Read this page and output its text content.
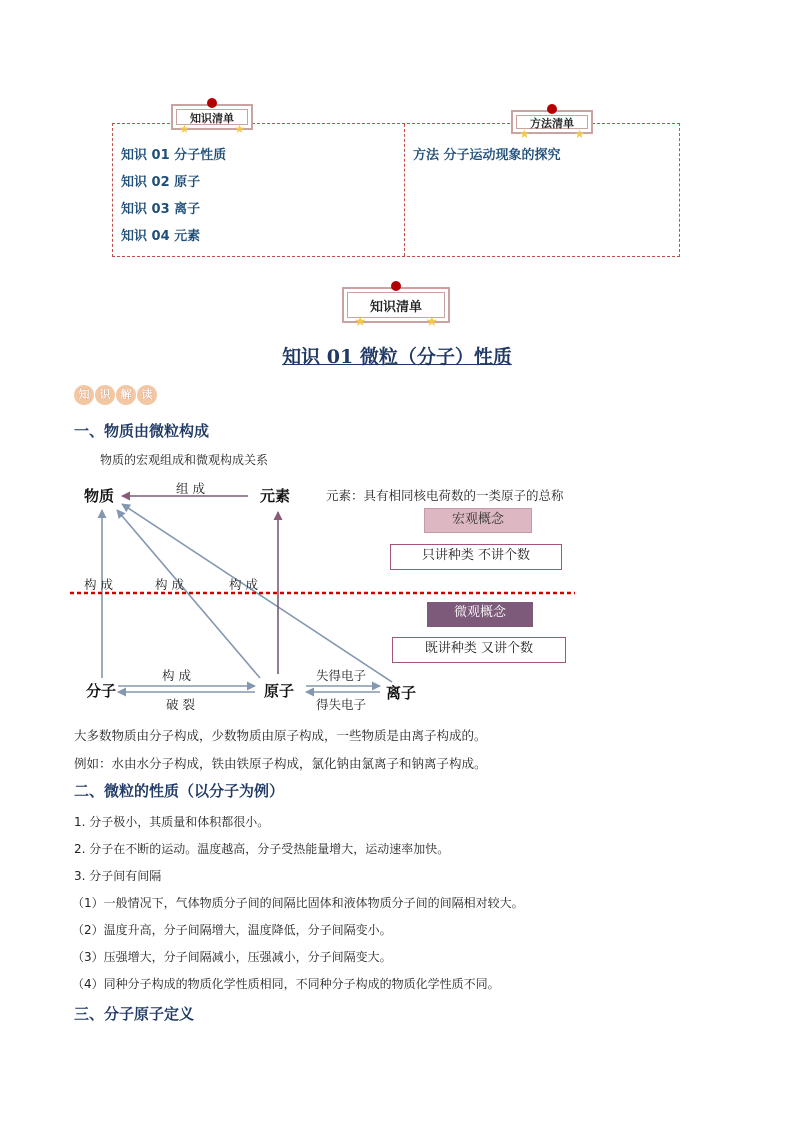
知识 01 分子性质
知识 02 原子
知识 03 离子
知识 04 元素
方法 分子运动现象的探究
知识清单
★	★	方法清单
★	★
知识清单
★	★
知识 01 微粒（分子）性质
知 识 解 读
一、物质由微粒构成
物质的宏观组成和微观构成关系
物质	元素
分子	原子	离子
组 成
构 成	构 成	构 成
构 成
破 裂
失得电子
得失电子
元素：具有相同核电荷数的一类原子的总称
宏观概念
只讲种类 不讲个数
微观概念
既讲种类 又讲个数
大多数物质由分子构成，少数物质由原子构成，一些物质是由离子构成的。
例如：水由水分子构成，铁由铁原子构成，氯化钠由氯离子和钠离子构成。
二、微粒的性质（以分子为例）
1. 分子极小，其质量和体积都很小。
2. 分子在不断的运动。温度越高，分子受热能量增大，运动速率加快。
3. 分子间有间隔
（1）一般情况下，气体物质分子间的间隔比固体和液体物质分子间的间隔相对较大。
（2）温度升高，分子间隔增大，温度降低，分子间隔变小。
（3）压强增大，分子间隔减小，压强减小，分子间隔变大。
（4）同种分子构成的物质化学性质相同，不同种分子构成的物质化学性质不同。
三、分子原子定义
